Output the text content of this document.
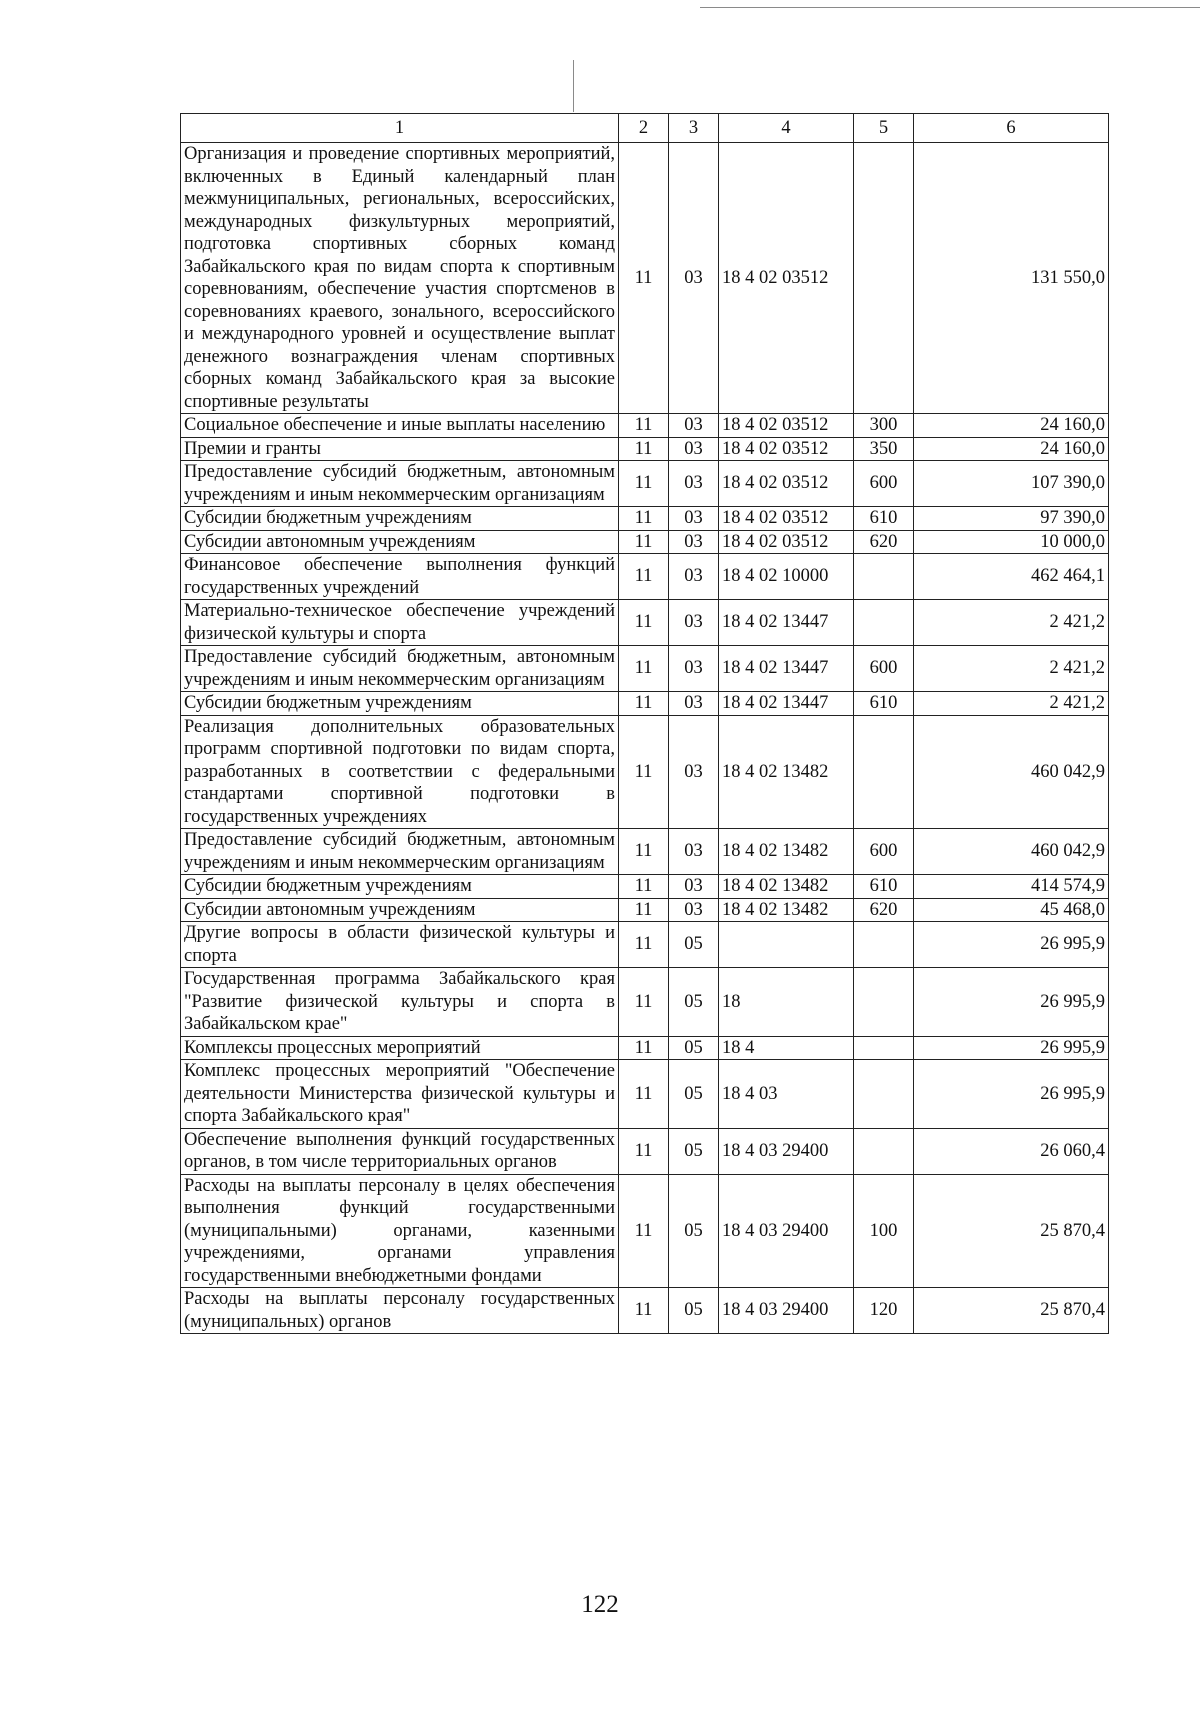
1	2	3	4	5	6
Организация и проведение спортивных мероприятий, включенных в Единый календарный план межмуниципальных, региональных, всероссийских, международных физкультурных мероприятий, подготовка спортивных сборных команд Забайкальского края по видам спорта к спортивным соревнованиям, обеспечение участия спортсменов в соревнованиях краевого, зонального, всероссийского и международного уровней и осуществление выплат денежного вознаграждения членам спортивных сборных команд Забайкальского края за высокие спортивные результаты	11	03	18 4 02 03512		131 550,0
Социальное обеспечение и иные выплаты населению	11	03	18 4 02 03512	300	24 160,0
Премии и гранты	11	03	18 4 02 03512	350	24 160,0
Предоставление субсидий бюджетным, автономным учреждениям и иным некоммерческим организациям	11	03	18 4 02 03512	600	107 390,0
Субсидии бюджетным учреждениям	11	03	18 4 02 03512	610	97 390,0
Субсидии автономным учреждениям	11	03	18 4 02 03512	620	10 000,0
Финансовое обеспечение выполнения функций государственных учреждений	11	03	18 4 02 10000		462 464,1
Материально-техническое обеспечение учреждений физической культуры и спорта	11	03	18 4 02 13447		2 421,2
Предоставление субсидий бюджетным, автономным учреждениям и иным некоммерческим организациям	11	03	18 4 02 13447	600	2 421,2
Субсидии бюджетным учреждениям	11	03	18 4 02 13447	610	2 421,2
Реализация дополнительных образовательных программ спортивной подготовки по видам спорта, разработанных в соответствии с федеральными стандартами спортивной подготовки в государственных учреждениях	11	03	18 4 02 13482		460 042,9
Предоставление субсидий бюджетным, автономным учреждениям и иным некоммерческим организациям	11	03	18 4 02 13482	600	460 042,9
Субсидии бюджетным учреждениям	11	03	18 4 02 13482	610	414 574,9
Субсидии автономным учреждениям	11	03	18 4 02 13482	620	45 468,0
Другие вопросы в области физической культуры и спорта	11	05			26 995,9
Государственная программа Забайкальского края "Развитие физической культуры и спорта в Забайкальском крае"	11	05	18		26 995,9
Комплексы процессных мероприятий	11	05	18 4		26 995,9
Комплекс процессных мероприятий "Обеспечение деятельности Министерства физической культуры и спорта Забайкальского края"	11	05	18 4 03		26 995,9
Обеспечение выполнения функций государственных органов, в том числе территориальных органов	11	05	18 4 03 29400		26 060,4
Расходы на выплаты персоналу в целях обеспечения выполнения функций государственными (муниципальными) органами, казенными учреждениями, органами управления государственными внебюджетными фондами	11	05	18 4 03 29400	100	25 870,4
Расходы на выплаты персоналу государственных (муниципальных) органов	11	05	18 4 03 29400	120	25 870,4
122
